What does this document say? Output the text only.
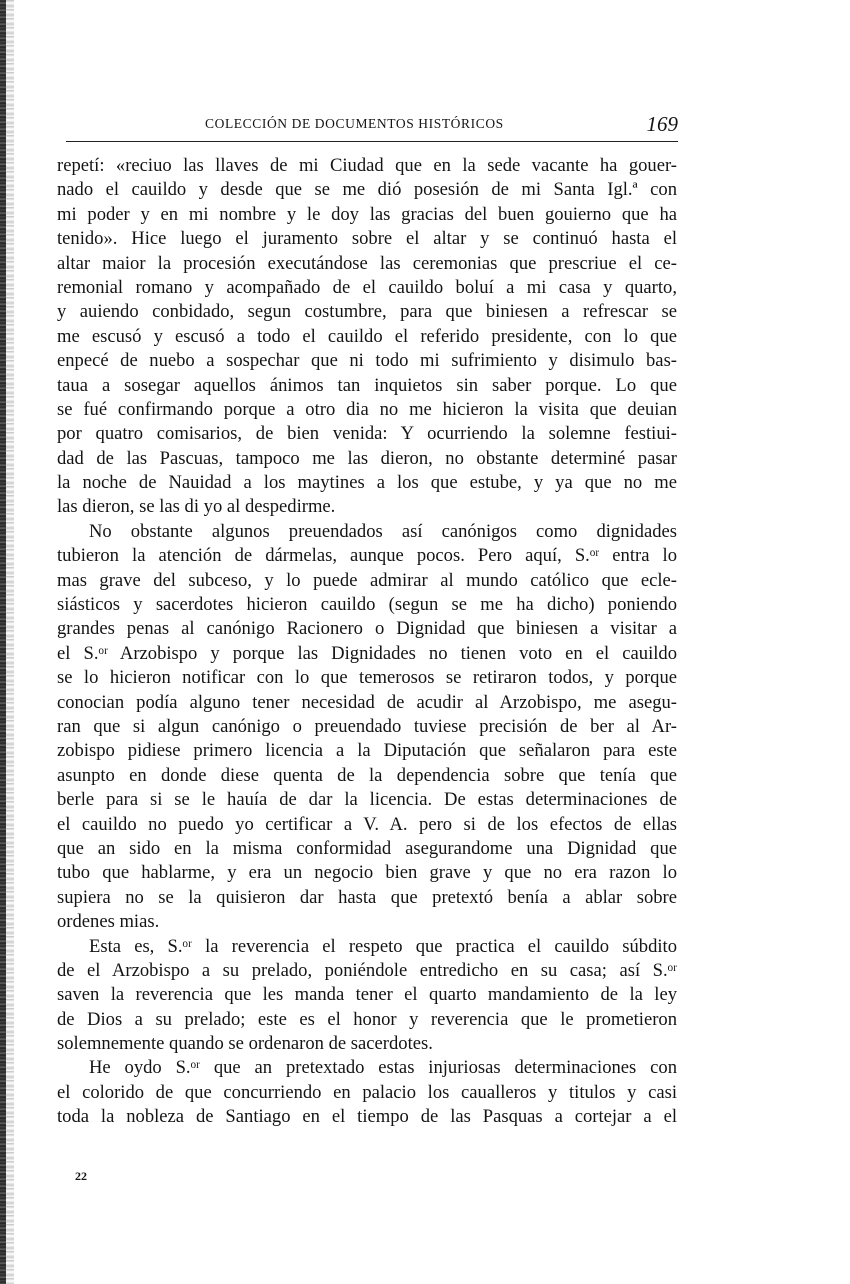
COLECCIÓN DE DOCUMENTOS HISTÓRICOS	169
repetí: «reciuo las llaves de mi Ciudad que en la sede vacante ha gouer-
nado el cauildo y desde que se me dió posesión de mi Santa Igl.ª con
mi poder y en mi nombre y le doy las gracias del buen gouierno que ha
tenido». Hice luego el juramento sobre el altar y se continuó hasta el
altar maior la procesión executándose las ceremonias que prescriue el ce-
remonial romano y acompañado de el cauildo boluí a mi casa y quarto,
y auiendo conbidado, segun costumbre, para que biniesen a refrescar se
me escusó y escusó a todo el cauildo el referido presidente, con lo que
enpecé de nuebo a sospechar que ni todo mi sufrimiento y disimulo bas-
taua a sosegar aquellos ánimos tan inquietos sin saber porque. Lo que
se fué confirmando porque a otro dia no me hicieron la visita que deuian
por quatro comisarios, de bien venida: Y ocurriendo la solemne festiui-
dad de las Pascuas, tampoco me las dieron, no obstante determiné pasar
la noche de Nauidad a los maytines a los que estube, y ya que no me
las dieron, se las di yo al despedirme.
No obstante algunos preuendados así canónigos como dignidades
tubieron la atención de dármelas, aunque pocos. Pero aquí, S.ᵒʳ entra lo
mas grave del subceso, y lo puede admirar al mundo católico que ecle-
siásticos y sacerdotes hicieron cauildo (segun se me ha dicho) poniendo
grandes penas al canónigo Racionero o Dignidad que biniesen a visitar a
el S.ᵒʳ Arzobispo y porque las Dignidades no tienen voto en el cauildo
se lo hicieron notificar con lo que temerosos se retiraron todos, y porque
conocian podía alguno tener necesidad de acudir al Arzobispo, me asegu-
ran que si algun canónigo o preuendado tuviese precisión de ber al Ar-
zobispo pidiese primero licencia a la Diputación que señalaron para este
asunpto en donde diese quenta de la dependencia sobre que tenía que
berle para si se le hauía de dar la licencia. De estas determinaciones de
el cauildo no puedo yo certificar a V. A. pero si de los efectos de ellas
que an sido en la misma conformidad asegurandome una Dignidad que
tubo que hablarme, y era un negocio bien grave y que no era razon lo
supiera no se la quisieron dar hasta que pretextó benía a ablar sobre
ordenes mias.
Esta es, S.ᵒʳ la reverencia el respeto que practica el cauildo súbdito
de el Arzobispo a su prelado, poniéndole entredicho en su casa; así S.ᵒʳ
saven la reverencia que les manda tener el quarto mandamiento de la ley
de Dios a su prelado; este es el honor y reverencia que le prometieron
solemnemente quando se ordenaron de sacerdotes.
He oydo S.ᵒʳ que an pretextado estas injuriosas determinaciones con
el colorido de que concurriendo en palacio los caualleros y titulos y casi
toda la nobleza de Santiago en el tiempo de las Pasquas a cortejar a el
22
